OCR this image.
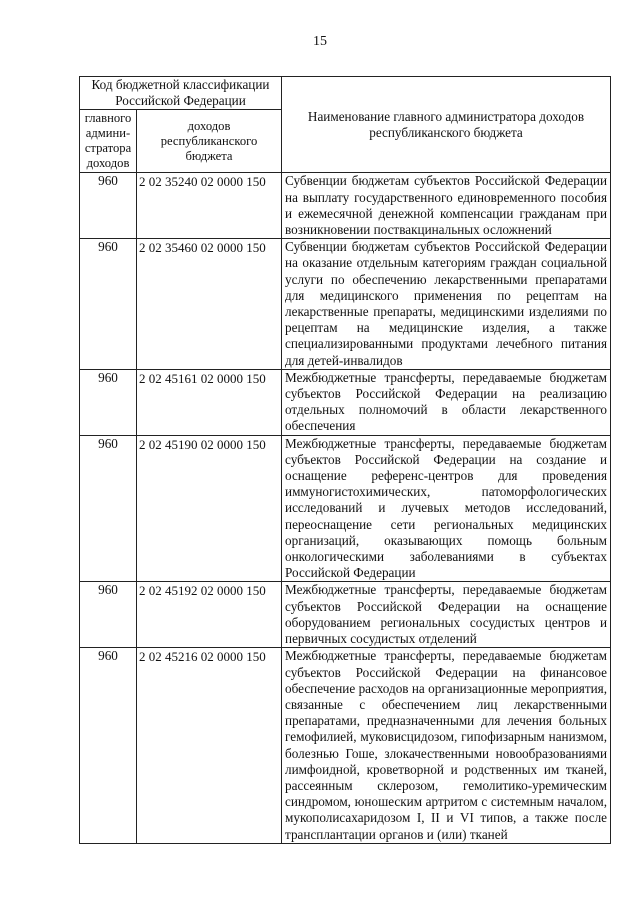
15
Код бюджетной классификации Российской Федерации		Наименование главного администратора доходов республиканского бюджета
главного админи-стратора доходов	доходов республиканского бюджета	
960	2 02 35240 02 0000 150	Субвенции бюджетам субъектов Российской Федерации на выплату государственного единовременного пособия и ежемесячной денежной компенсации гражданам при возникновении поствакцинальных осложнений
960	2 02 35460 02 0000 150	Субвенции бюджетам субъектов Российской Федерации на оказание отдельным категориям граждан социальной услуги по обеспечению лекарственными препаратами для медицинского применения по рецептам на лекарственные препараты, медицинскими изделиями по рецептам на медицинские изделия, а также специализированными продуктами лечебного питания для детей-инвалидов
960	2 02 45161 02 0000 150	Межбюджетные трансферты, передаваемые бюджетам субъектов Российской Федерации на реализацию отдельных полномочий в области лекарственного обеспечения
960	2 02 45190 02 0000 150	Межбюджетные трансферты, передаваемые бюджетам субъектов Российской Федерации на создание и оснащение референс-центров для проведения иммуногистохимических, патоморфологических исследований и лучевых методов исследований, переоснащение сети региональных медицинских организаций, оказывающих помощь больным онкологическими заболеваниями в субъектах Российской Федерации
960	2 02 45192 02 0000 150	Межбюджетные трансферты, передаваемые бюджетам субъектов Российской Федерации на оснащение оборудованием региональных сосудистых центров и первичных сосудистых отделений
960	2 02 45216 02 0000 150	Межбюджетные трансферты, передаваемые бюджетам субъектов Российской Федерации на финансовое обеспечение расходов на организационные мероприятия, связанные с обеспечением лиц лекарственными препаратами, предназначенными для лечения больных гемофилией, муковисцидозом, гипофизарным нанизмом, болезнью Гоше, злокачественными новообразованиями лимфоидной, кроветворной и родственных им тканей, рассеянным склерозом, гемолитико-уремическим синдромом, юношеским артритом с системным началом, мукополисахаридозом I, II и VI типов, а также после трансплантации органов и (или) тканей
